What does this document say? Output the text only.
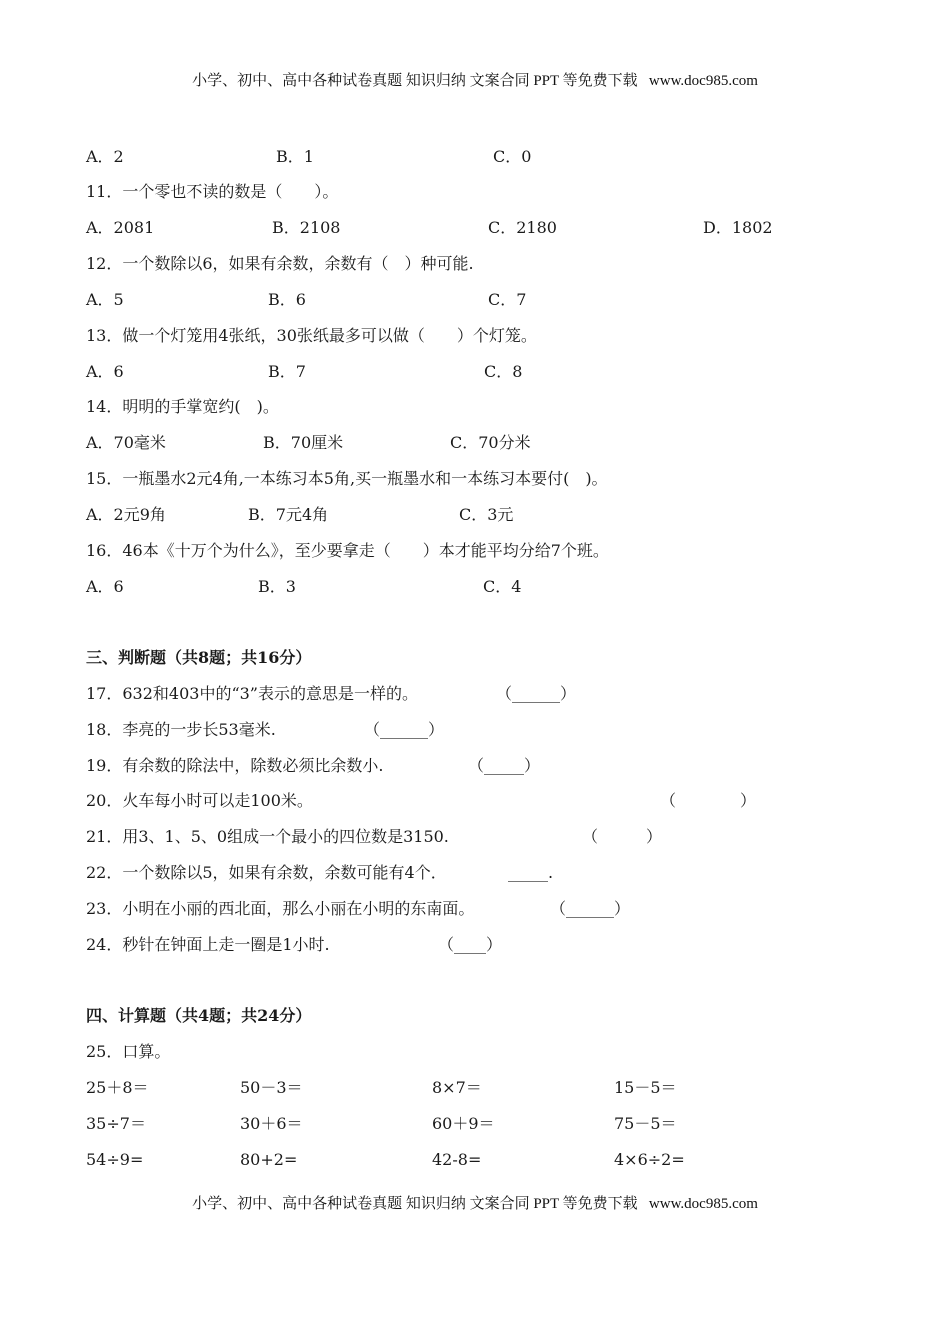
小学、初中、高中各种试卷真题 知识归纳 文案合同 PPT 等免费下载   www.doc985.com
A．2	B．1	C．0
11．一个零也不读的数是（　　）。
A．2081	B．2108	C．2180	D．1802
12．一个数除以6，如果有余数，余数有（　）种可能.
A．5	B．6	C．7
13．做一个灯笼用4张纸，30张纸最多可以做（　　）个灯笼。
A．6	B．7	C．8
14．明明的手掌宽约(　)。
A．70毫米	B．70厘米	C．70分米
15．一瓶墨水2元4角,一本练习本5角,买一瓶墨水和一本练习本要付(　)。
A．2元9角	B．7元4角	C．3元
16．46本《十万个为什么》，至少要拿走（　　）本才能平均分给7个班。
A．6	B．3	C．4
三、判断题（共8题；共16分）
17．632和403中的“3”表示的意思是一样的。	（______）
18．李亮的一步长53毫米.	（______）
19．有余数的除法中，除数必须比余数小.	（_____）
20．火车每小时可以走100米。	（　　　　）
21．用3、1、5、0组成一个最小的四位数是3150.	（　　　）
22．一个数除以5，如果有余数，余数可能有4个．	_____.
23．小明在小丽的西北面，那么小丽在小明的东南面。	（______）
24．秒针在钟面上走一圈是1小时.	（____）
四、计算题（共4题；共24分）
25．口算。
25＋8＝	50－3＝	8×7＝	15－5＝
35÷7＝	30＋6＝	60＋9＝	75－5＝
54÷9=	80+2=	42-8=	4×6÷2=
小学、初中、高中各种试卷真题 知识归纳 文案合同 PPT 等免费下载   www.doc985.com
